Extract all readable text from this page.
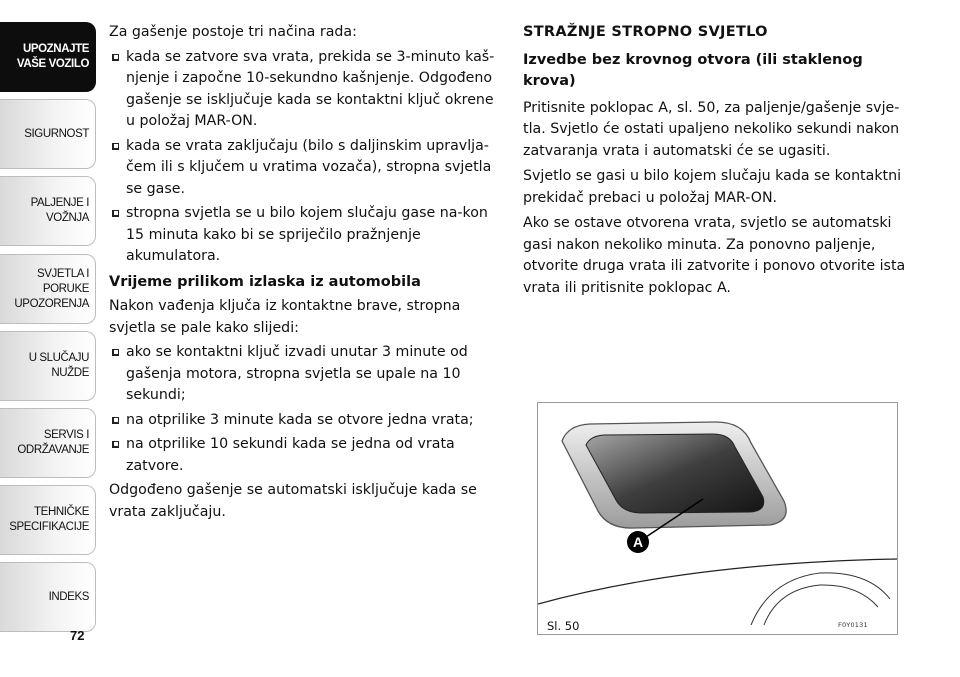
UPOZNAJTE
VAŠE VOZILO
SIGURNOST
PALJENJE I
VOŽNJA
SVJETLA I PORUKE
UPOZORENJA
U SLUČAJU
NUŽDE
SERVIS I
ODRŽAVANJE
TEHNIČKE
SPECIFIKACIJE
INDEKS
72

Za gašenje postoje tri načina rada:

kada se zatvore sva vrata, prekida se 3-minuto kaš-njenje i započne 10-sekundno kašnjenje. Odgođeno gašenje se isključuje kada se kontaktni ključ okrene u položaj MAR-ON.
kada se vrata zaključaju (bilo s daljinskim upravlja-čem ili s ključem u vratima vozača), stropna svjetla se gase.
stropna svjetla se u bilo kojem slučaju gase na-kon 15 minuta kako bi se spriječilo pražnjenje akumulatora.
Vrijeme prilikom izlaska iz automobila

Nakon vađenja ključa iz kontaktne brave, stropna svjetla se pale kako slijedi:

ako se kontaktni ključ izvadi unutar 3 minute od gašenja motora, stropna svjetla se upale na 10 sekundi;
na otprilike 3 minute kada se otvore jedna vrata;
na otprilike 10 sekundi kada se jedna od vrata zatvore.

Odgođeno gašenje se automatski isključuje kada se vrata zaključaju.

STRAŽNJE STROPNO SVJETLO
Izvedbe bez krovnog otvora (ili staklenog krova)

Pritisnite poklopac A, sl. 50, za paljenje/gašenje svje-tla. Svjetlo će ostati upaljeno nekoliko sekundi nakon zatvaranja vrata i automatski će se ugasiti.

Svjetlo se gasi u bilo kojem slučaju kada se kontaktni prekidač prebaci u položaj MAR-ON.

Ako se ostave otvorena vrata, svjetlo se automatski gasi nakon nekoliko minuta. Za ponovno paljenje, otvorite druga vrata ili zatvorite i ponovo otvorite ista vrata ili pritisnite poklopac A.

A
Sl. 50	F0Y0131
